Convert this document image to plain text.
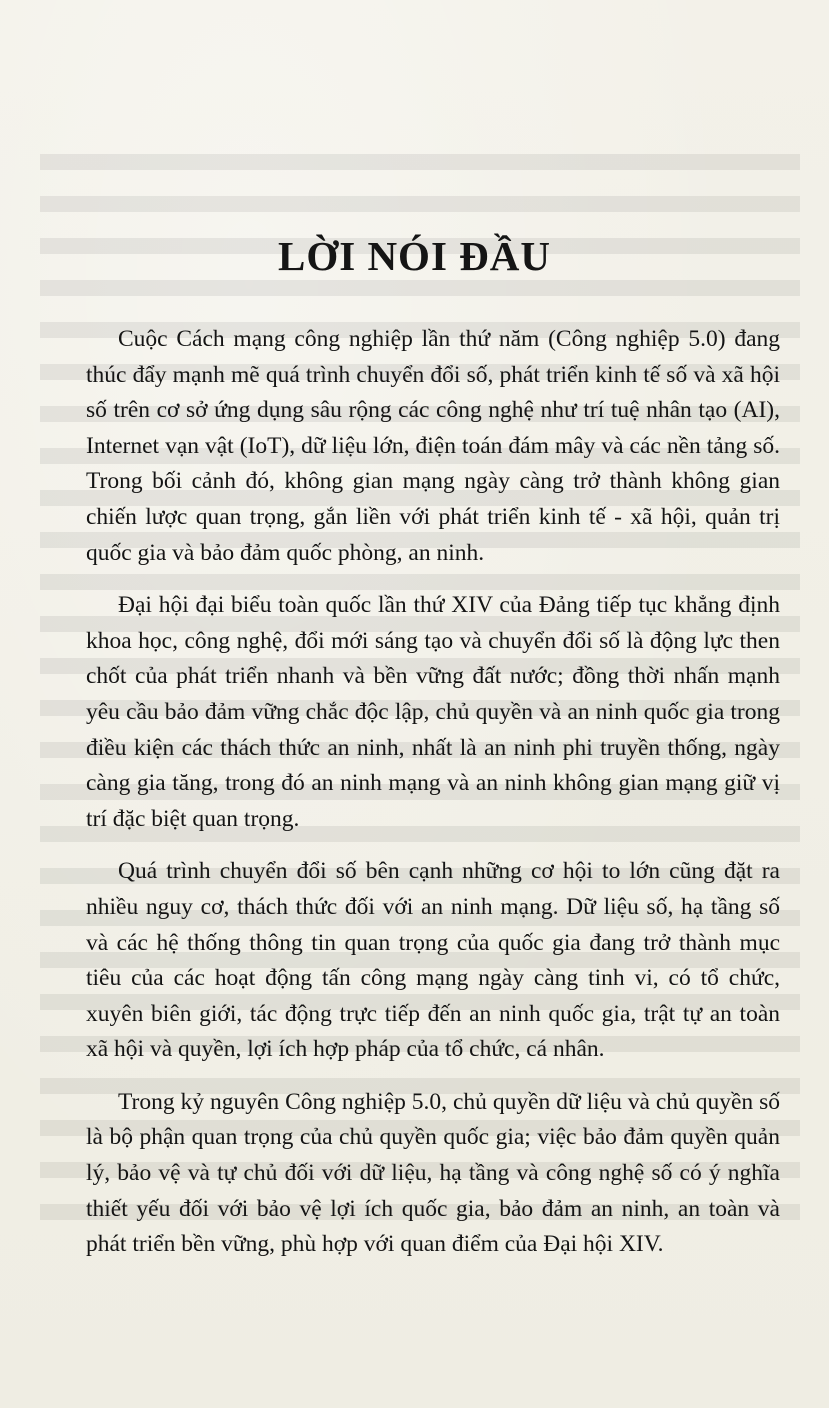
LỜI NÓI ĐẦU

Cuộc Cách mạng công nghiệp lần thứ năm (Công nghiệp 5.0) đang thúc đẩy mạnh mẽ quá trình chuyển đổi số, phát triển kinh tế số và xã hội số trên cơ sở ứng dụng sâu rộng các công nghệ như trí tuệ nhân tạo (AI), Internet vạn vật (IoT), dữ liệu lớn, điện toán đám mây và các nền tảng số. Trong bối cảnh đó, không gian mạng ngày càng trở thành không gian chiến lược quan trọng, gắn liền với phát triển kinh tế - xã hội, quản trị quốc gia và bảo đảm quốc phòng, an ninh.

Đại hội đại biểu toàn quốc lần thứ XIV của Đảng tiếp tục khẳng định khoa học, công nghệ, đổi mới sáng tạo và chuyển đổi số là động lực then chốt của phát triển nhanh và bền vững đất nước; đồng thời nhấn mạnh yêu cầu bảo đảm vững chắc độc lập, chủ quyền và an ninh quốc gia trong điều kiện các thách thức an ninh, nhất là an ninh phi truyền thống, ngày càng gia tăng, trong đó an ninh mạng và an ninh không gian mạng giữ vị trí đặc biệt quan trọng.

Quá trình chuyển đổi số bên cạnh những cơ hội to lớn cũng đặt ra nhiều nguy cơ, thách thức đối với an ninh mạng. Dữ liệu số, hạ tầng số và các hệ thống thông tin quan trọng của quốc gia đang trở thành mục tiêu của các hoạt động tấn công mạng ngày càng tinh vi, có tổ chức, xuyên biên giới, tác động trực tiếp đến an ninh quốc gia, trật tự an toàn xã hội và quyền, lợi ích hợp pháp của tổ chức, cá nhân.

Trong kỷ nguyên Công nghiệp 5.0, chủ quyền dữ liệu và chủ quyền số là bộ phận quan trọng của chủ quyền quốc gia; việc bảo đảm quyền quản lý, bảo vệ và tự chủ đối với dữ liệu, hạ tầng và công nghệ số có ý nghĩa thiết yếu đối với bảo vệ lợi ích quốc gia, bảo đảm an ninh, an toàn và phát triển bền vững, phù hợp với quan điểm của Đại hội XIV.
